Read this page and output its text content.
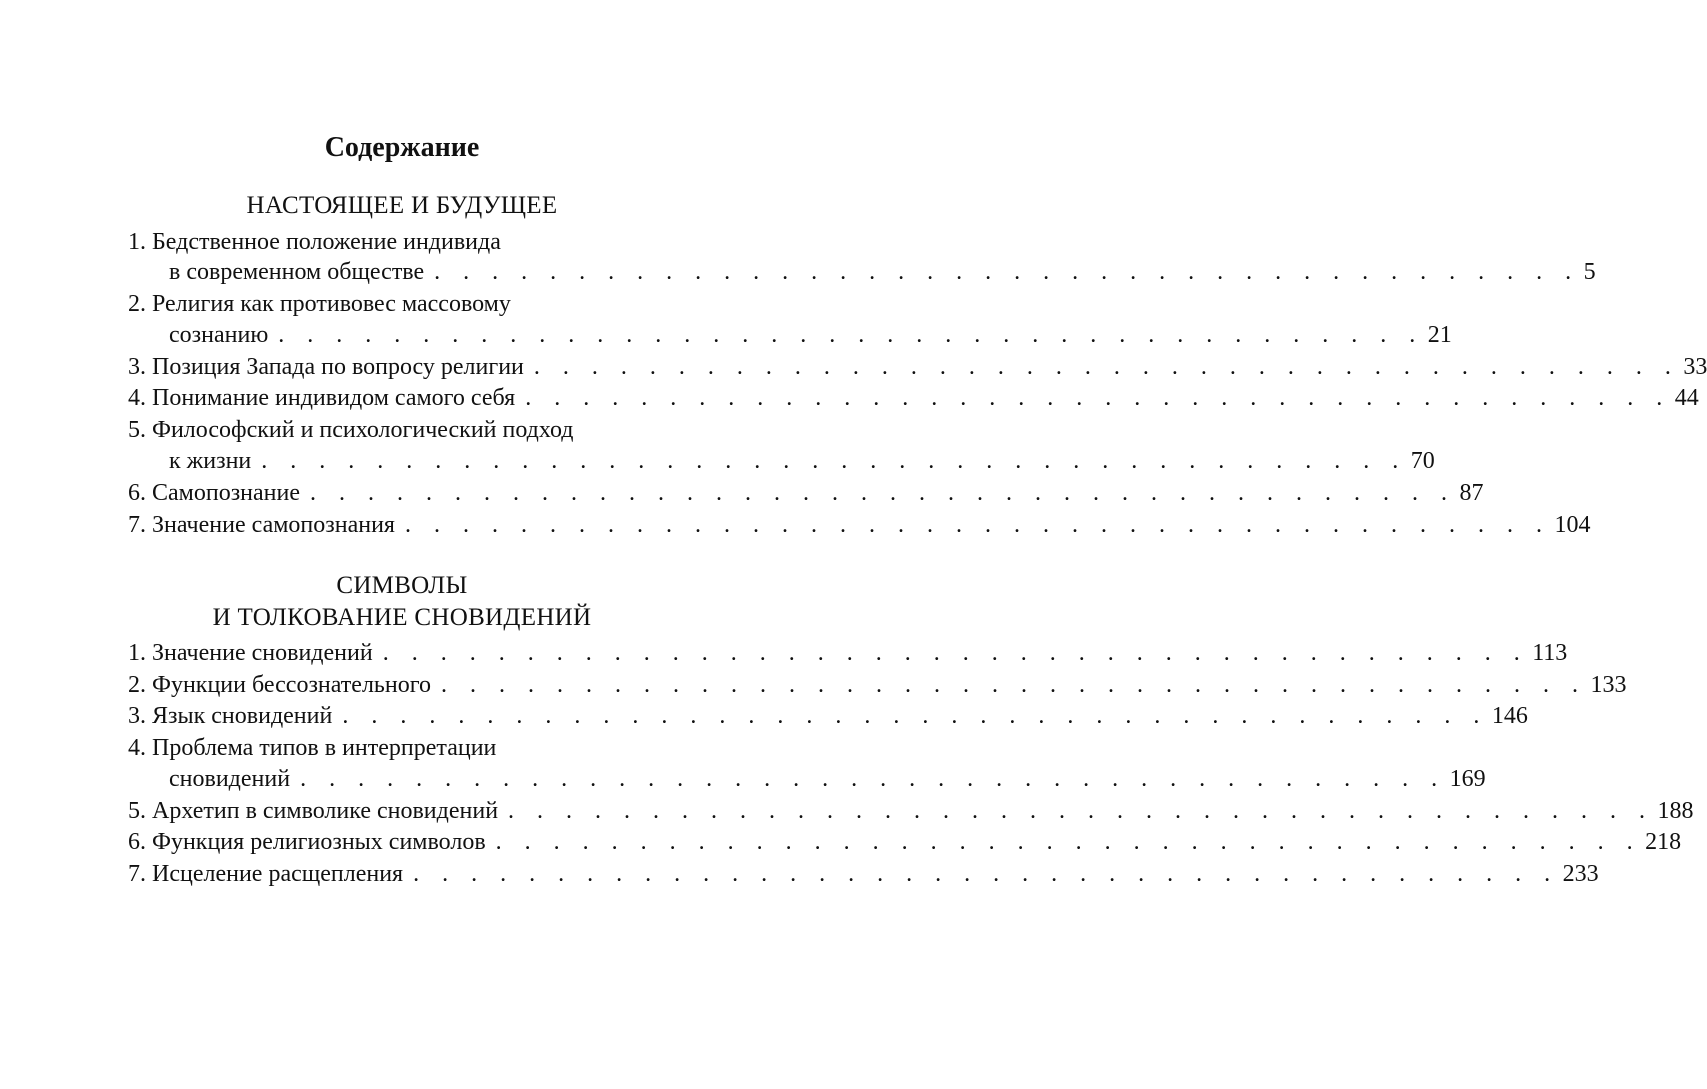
Содержание
НАСТОЯЩЕЕ И БУДУЩЕЕ
1. Бедственное положение индивида
в современном обществе . . . . . . . . . . . . . . . . . . . . . . . . . . . . . . . . . . . . . . . . 5
2. Религия как противовес массовому
сознанию . . . . . . . . . . . . . . . . . . . . . . . . . . . . . . . . . . . . . . . . 21
3. Позиция Запада по вопросу религии . . . . . . . . . . . . . . . . . . . . . . . . . . . . . . . . . . . . . . . . 33
4. Понимание индивидом самого себя . . . . . . . . . . . . . . . . . . . . . . . . . . . . . . . . . . . . . . . . 44
5. Философский и психологический подход
к жизни . . . . . . . . . . . . . . . . . . . . . . . . . . . . . . . . . . . . . . . . 70
6. Самопознание . . . . . . . . . . . . . . . . . . . . . . . . . . . . . . . . . . . . . . . . 87
7. Значение самопознания . . . . . . . . . . . . . . . . . . . . . . . . . . . . . . . . . . . . . . . . 104
СИМВОЛЫ
И ТОЛКОВАНИЕ СНОВИДЕНИЙ
1. Значение сновидений . . . . . . . . . . . . . . . . . . . . . . . . . . . . . . . . . . . . . . . . 113
2. Функции бессознательного . . . . . . . . . . . . . . . . . . . . . . . . . . . . . . . . . . . . . . . . 133
3. Язык сновидений . . . . . . . . . . . . . . . . . . . . . . . . . . . . . . . . . . . . . . . . 146
4. Проблема типов в интерпретации
сновидений . . . . . . . . . . . . . . . . . . . . . . . . . . . . . . . . . . . . . . . . 169
5. Архетип в символике сновидений . . . . . . . . . . . . . . . . . . . . . . . . . . . . . . . . . . . . . . . . 188
6. Функция религиозных символов . . . . . . . . . . . . . . . . . . . . . . . . . . . . . . . . . . . . . . . . 218
7. Исцеление расщепления . . . . . . . . . . . . . . . . . . . . . . . . . . . . . . . . . . . . . . . . 233
